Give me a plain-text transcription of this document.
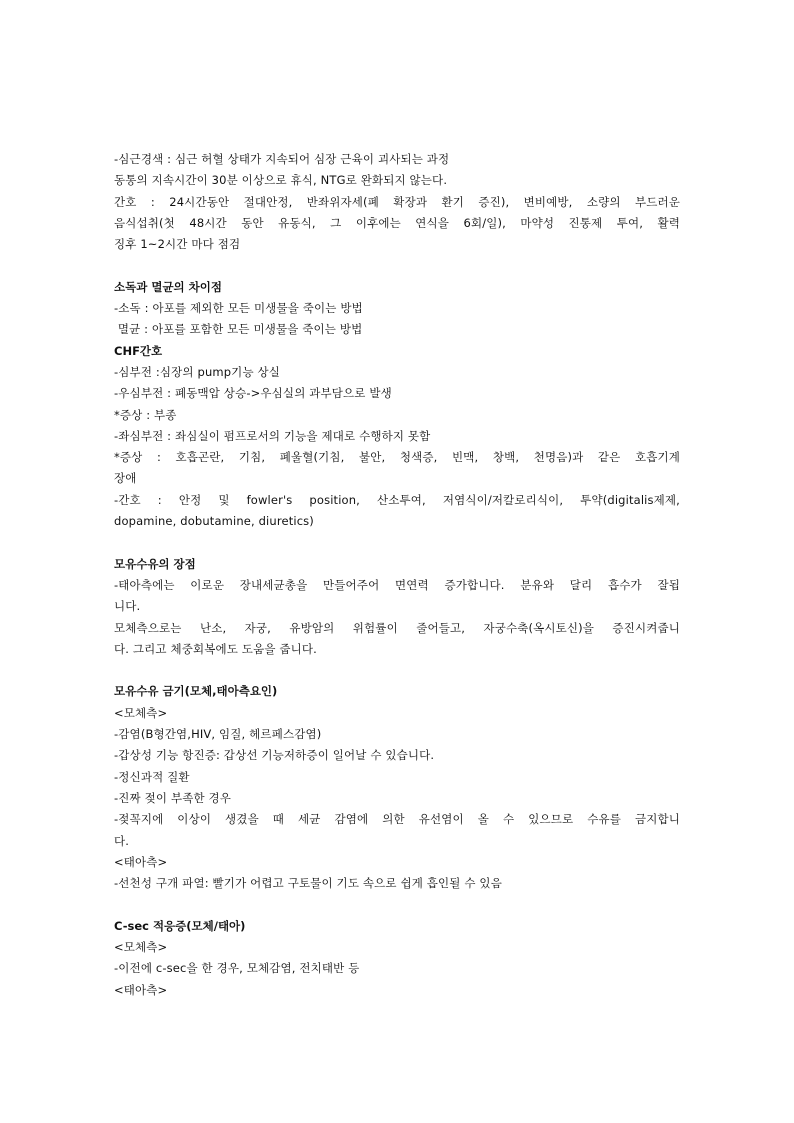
-심근경색 : 심근 허혈 상태가 지속되어 심장 근육이 괴사되는 과정
동통의 지속시간이 30분 이상으로 휴식, NTG로 완화되지 않는다.
간호 : 24시간동안 절대안정, 반좌위자세(폐 확장과 환기 증진), 변비예방, 소량의 부드러운
음식섭취(첫 48시간 동안 유동식, 그 이후에는 연식을 6회/일), 마약성 진통제 투여, 활력
징후 1~2시간 마다 점검
소독과 멸균의 차이점
-소독 : 아포를 제외한 모든 미생물을 죽이는 방법
멸균 : 아포를 포함한 모든 미생물을 죽이는 방법
CHF간호
-심부전 :심장의 pump기능 상실
-우심부전 : 폐동맥압 상승->우심실의 과부담으로 발생
*증상 : 부종
-좌심부전 : 좌심실이 펌프로서의 기능을 제대로 수행하지 못함
*증상 : 호흡곤란, 기침, 폐울혈(기침, 불안, 청색증, 빈맥, 창백, 천명음)과 같은 호흡기계
장애
-간호 : 안정 및 fowler's position, 산소투여, 저염식이/저칼로리식이, 투약(digitalis제제,
dopamine, dobutamine, diuretics)
모유수유의 장점
-태아측에는 이로운 장내세균총을 만들어주어 면연력 증가합니다. 분유와 달리 흡수가 잘됩
니다.
모체측으로는 난소, 자궁, 유방암의 위험률이 줄어들고, 자궁수축(옥시토신)을 증진시켜줍니
다. 그리고 체중회복에도 도움을 줍니다.
모유수유 금기(모체,태아측요인)
<모체측>
-감염(B형간염,HIV, 임질, 헤르페스감염)
-갑상성 기능 항진증: 갑상선 기능저하증이 일어날 수 있습니다.
-정신과적 질환
-진짜 젖이 부족한 경우
-젖꼭지에 이상이 생겼을 때 세균 감염에 의한 유선염이 올 수 있으므로 수유를 금지합니
다.
<태아측>
-선천성 구개 파열: 빨기가 어렵고 구토물이 기도 속으로 쉽게 흡인될 수 있음
C-sec 적응증(모체/태아)
<모체측>
-이전에 c-sec을 한 경우, 모체감염, 전치태반 등
<태아측>
